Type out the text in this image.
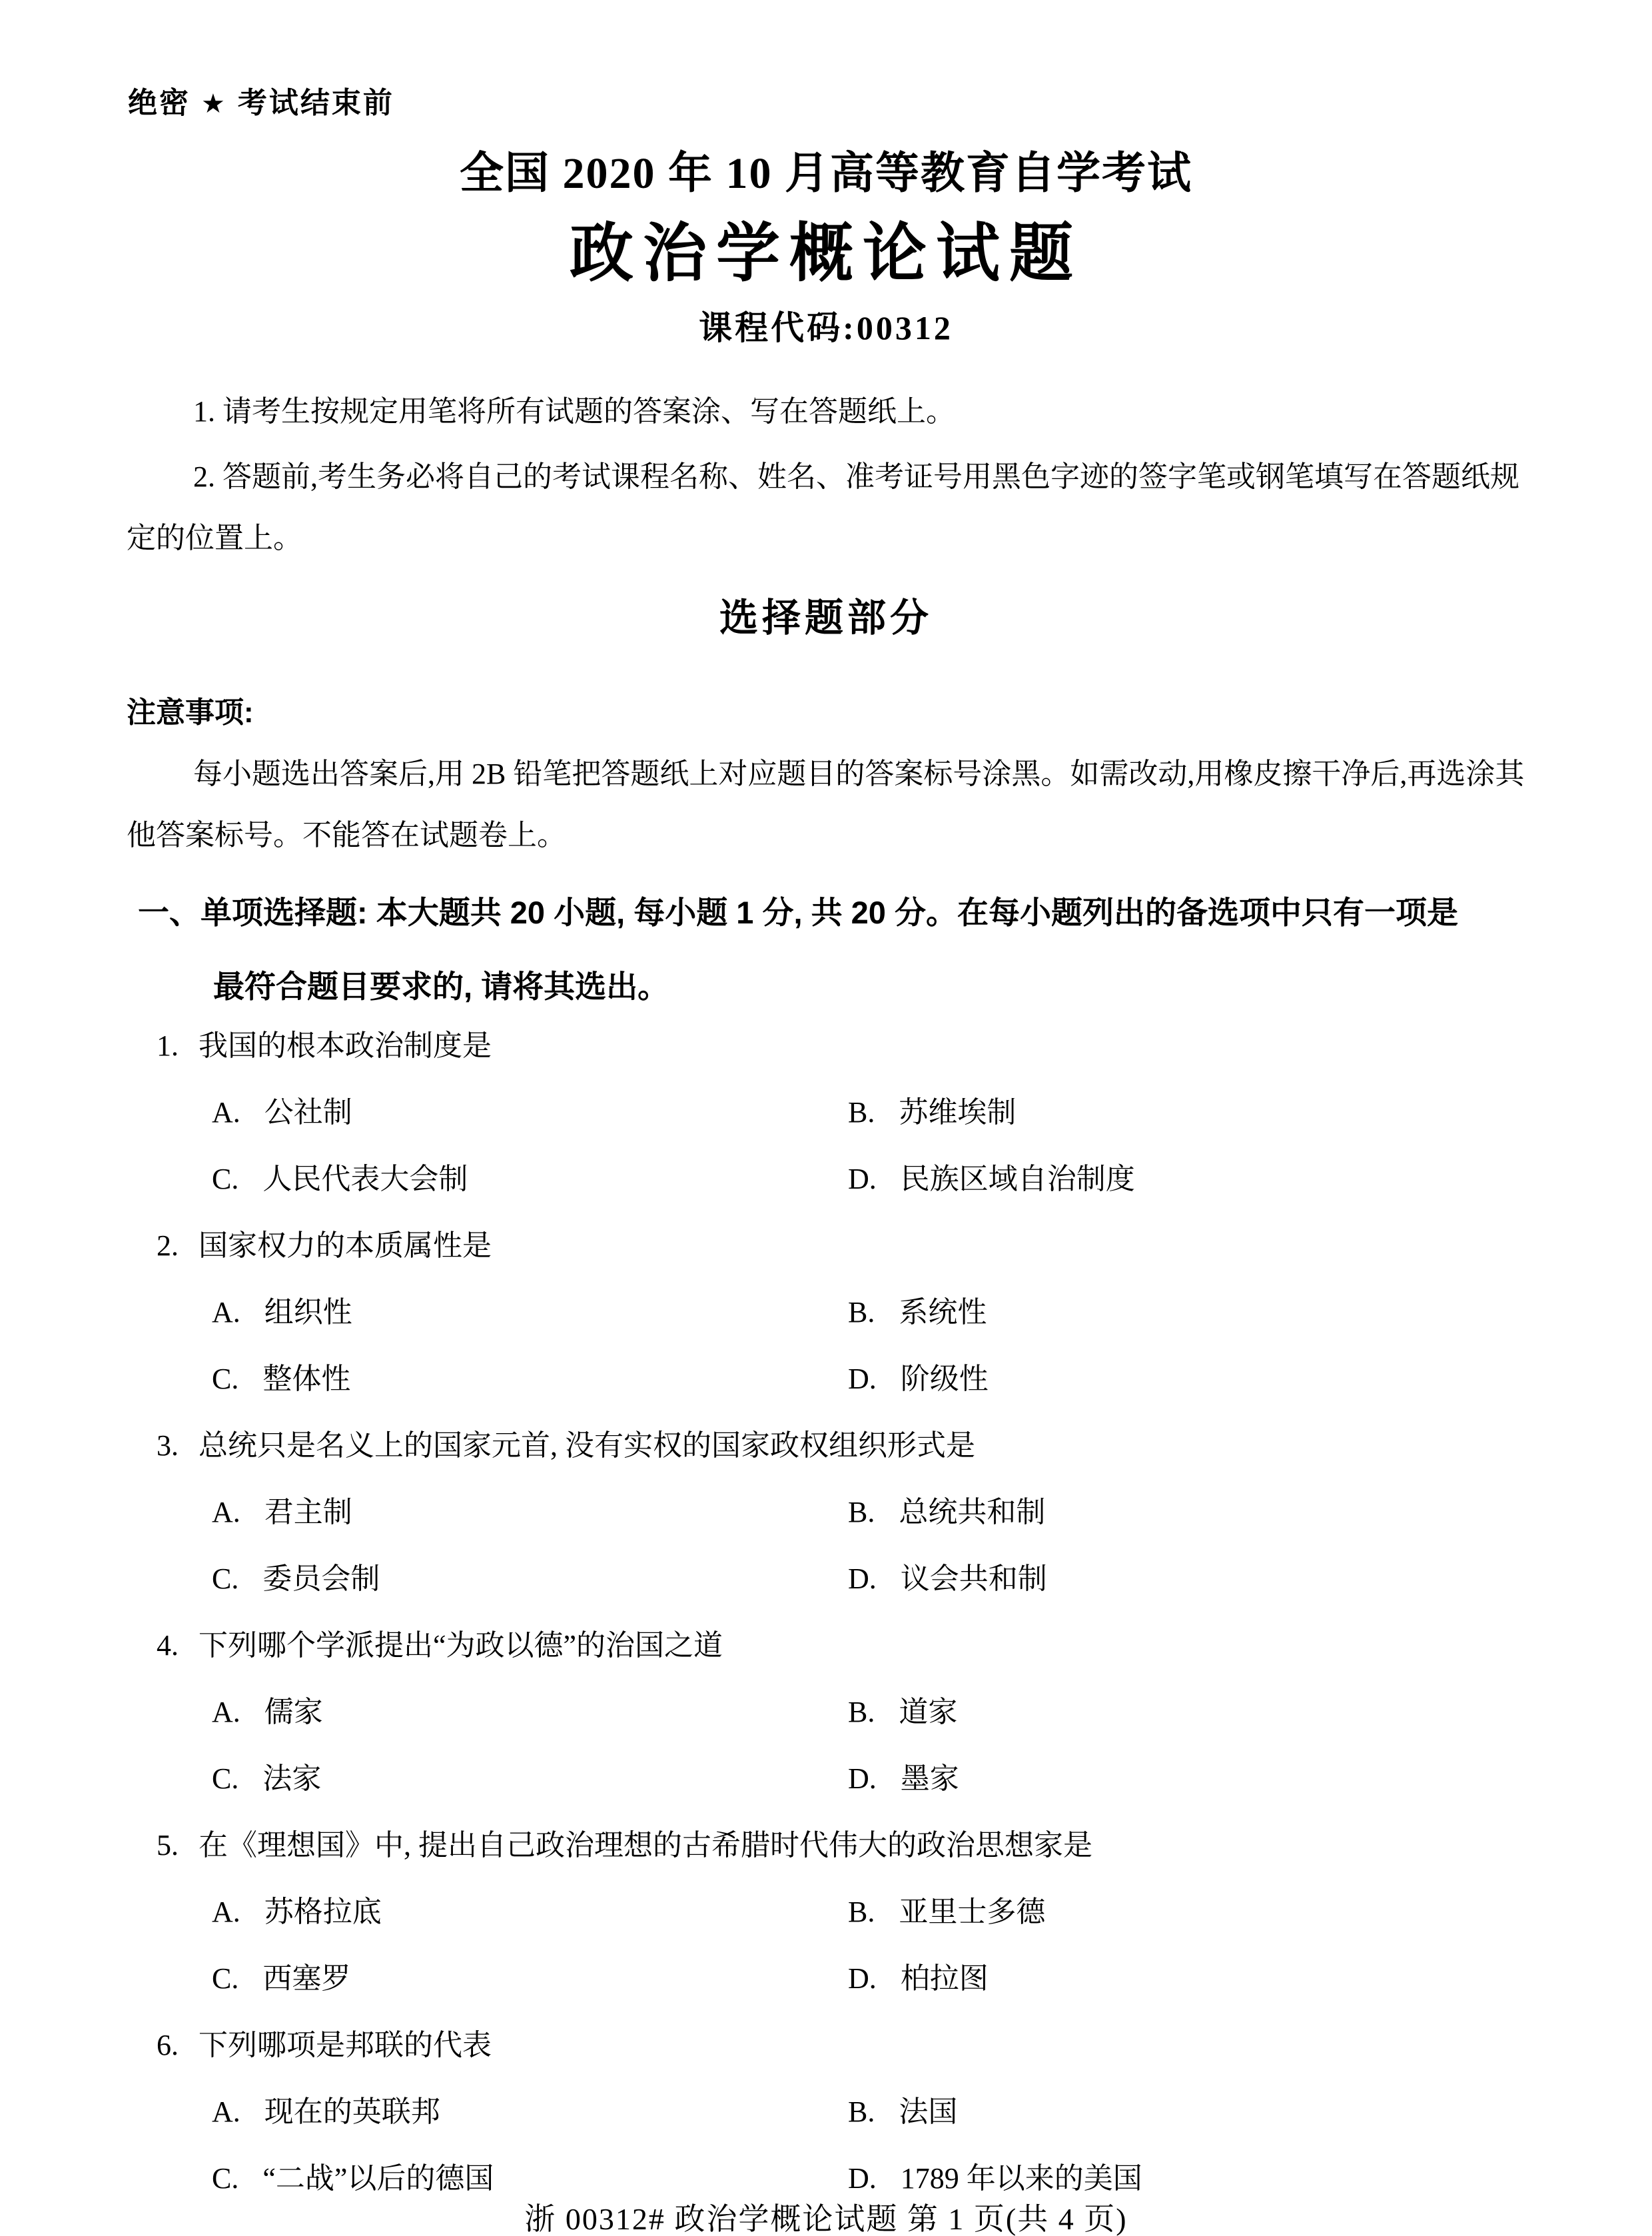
绝密 ★ 考试结束前
全国 2020 年 10 月高等教育自学考试
政治学概论试题
课程代码:00312

1. 请考生按规定用笔将所有试题的答案涂、写在答题纸上。

2. 答题前,考生务必将自己的考试课程名称、姓名、准考证号用黑色字迹的签字笔或钢笔填写在答题纸规定的位置上。

选择题部分
注意事项:

每小题选出答案后,用 2B 铅笔把答题纸上对应题目的答案标号涂黑。如需改动,用橡皮擦干净后,再选涂其他答案标号。不能答在试题卷上。

一、单项选择题: 本大题共 20 小题, 每小题 1 分, 共 20 分。在每小题列出的备选项中只有一项是最符合题目要求的, 请将其选出。
1. 我国的根本政治制度是
A. 公社制	B. 苏维埃制
C. 人民代表大会制	D. 民族区域自治制度
2. 国家权力的本质属性是
A. 组织性	B. 系统性
C. 整体性	D. 阶级性
3. 总统只是名义上的国家元首, 没有实权的国家政权组织形式是
A. 君主制	B. 总统共和制
C. 委员会制	D. 议会共和制
4. 下列哪个学派提出“为政以德”的治国之道
A. 儒家	B. 道家
C. 法家	D. 墨家
5. 在《理想国》中, 提出自己政治理想的古希腊时代伟大的政治思想家是
A. 苏格拉底	B. 亚里士多德
C. 西塞罗	D. 柏拉图
6. 下列哪项是邦联的代表
A. 现在的英联邦	B. 法国
C. “二战”以后的德国	D. 1789 年以来的美国
浙 00312# 政治学概论试题 第 1 页(共 4 页)
